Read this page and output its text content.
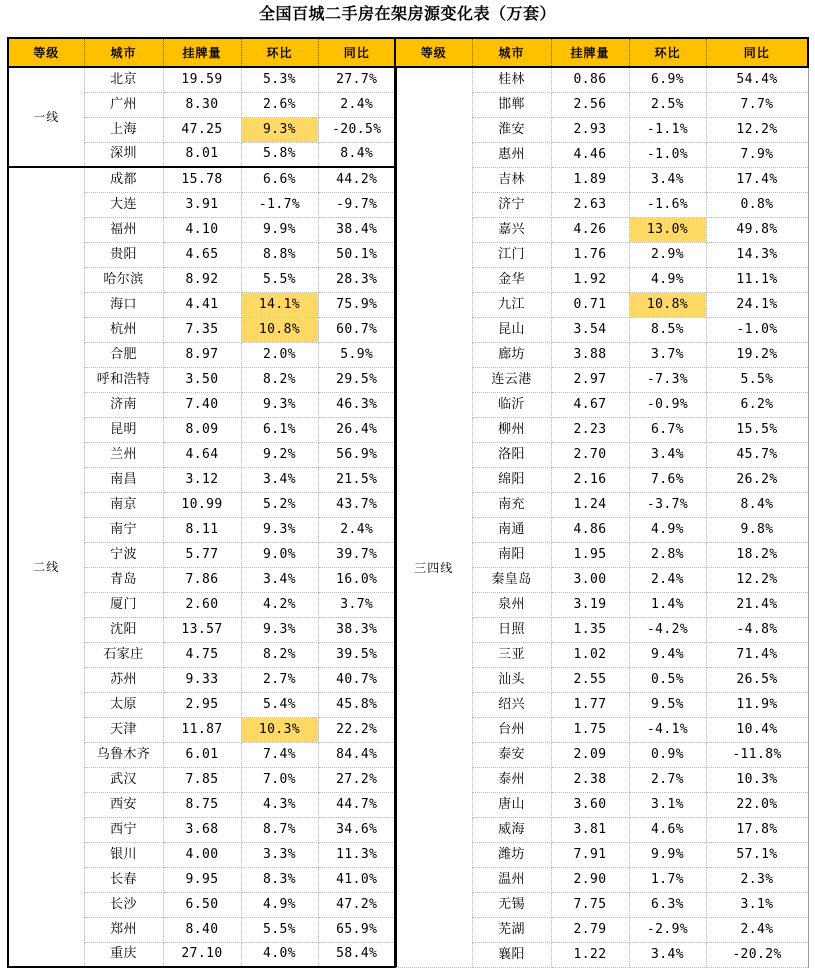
全国百城二手房在架房源变化表（万套）
等级	城市	挂牌量	环比	同比
一线	北京	19.59	5.3%	27.7%
	广州	8.30	2.6%	2.4%
	上海	47.25	9.3%	-20.5%
	深圳	8.01	5.8%	8.4%
二线	成都	15.78	6.6%	44.2%
	大连	3.91	-1.7%	-9.7%
	福州	4.10	9.9%	38.4%
	贵阳	4.65	8.8%	50.1%
	哈尔滨	8.92	5.5%	28.3%
	海口	4.41	14.1%	75.9%
	杭州	7.35	10.8%	60.7%
	合肥	8.97	2.0%	5.9%
	呼和浩特	3.50	8.2%	29.5%
	济南	7.40	9.3%	46.3%
	昆明	8.09	6.1%	26.4%
	兰州	4.64	9.2%	56.9%
	南昌	3.12	3.4%	21.5%
	南京	10.99	5.2%	43.7%
	南宁	8.11	9.3%	2.4%
	宁波	5.77	9.0%	39.7%
	青岛	7.86	3.4%	16.0%
	厦门	2.60	4.2%	3.7%
	沈阳	13.57	9.3%	38.3%
	石家庄	4.75	8.2%	39.5%
	苏州	9.33	2.7%	40.7%
	太原	2.95	5.4%	45.8%
	天津	11.87	10.3%	22.2%
	乌鲁木齐	6.01	7.4%	84.4%
	武汉	7.85	7.0%	27.2%
	西安	8.75	4.3%	44.7%
	西宁	3.68	8.7%	34.6%
	银川	4.00	3.3%	11.3%
	长春	9.95	8.3%	41.0%
	长沙	6.50	4.9%	47.2%
	郑州	8.40	5.5%	65.9%
	重庆	27.10	4.0%	58.4%
等级	城市	挂牌量	环比	同比
三四线	桂林	0.86	6.9%	54.4%
	邯郸	2.56	2.5%	7.7%
	淮安	2.93	-1.1%	12.2%
	惠州	4.46	-1.0%	7.9%
	吉林	1.89	3.4%	17.4%
	济宁	2.63	-1.6%	0.8%
	嘉兴	4.26	13.0%	49.8%
	江门	1.76	2.9%	14.3%
	金华	1.92	4.9%	11.1%
	九江	0.71	10.8%	24.1%
	昆山	3.54	8.5%	-1.0%
	廊坊	3.88	3.7%	19.2%
	连云港	2.97	-7.3%	5.5%
	临沂	4.67	-0.9%	6.2%
	柳州	2.23	6.7%	15.5%
	洛阳	2.70	3.4%	45.7%
	绵阳	2.16	7.6%	26.2%
	南充	1.24	-3.7%	8.4%
	南通	4.86	4.9%	9.8%
	南阳	1.95	2.8%	18.2%
	秦皇岛	3.00	2.4%	12.2%
	泉州	3.19	1.4%	21.4%
	日照	1.35	-4.2%	-4.8%
	三亚	1.02	9.4%	71.4%
	汕头	2.55	0.5%	26.5%
	绍兴	1.77	9.5%	11.9%
	台州	1.75	-4.1%	10.4%
	泰安	2.09	0.9%	-11.8%
	泰州	2.38	2.7%	10.3%
	唐山	3.60	3.1%	22.0%
	威海	3.81	4.6%	17.8%
	潍坊	7.91	9.9%	57.1%
	温州	2.90	1.7%	2.3%
	无锡	7.75	6.3%	3.1%
	芜湖	2.79	-2.9%	2.4%
	襄阳	1.22	3.4%	-20.2%
